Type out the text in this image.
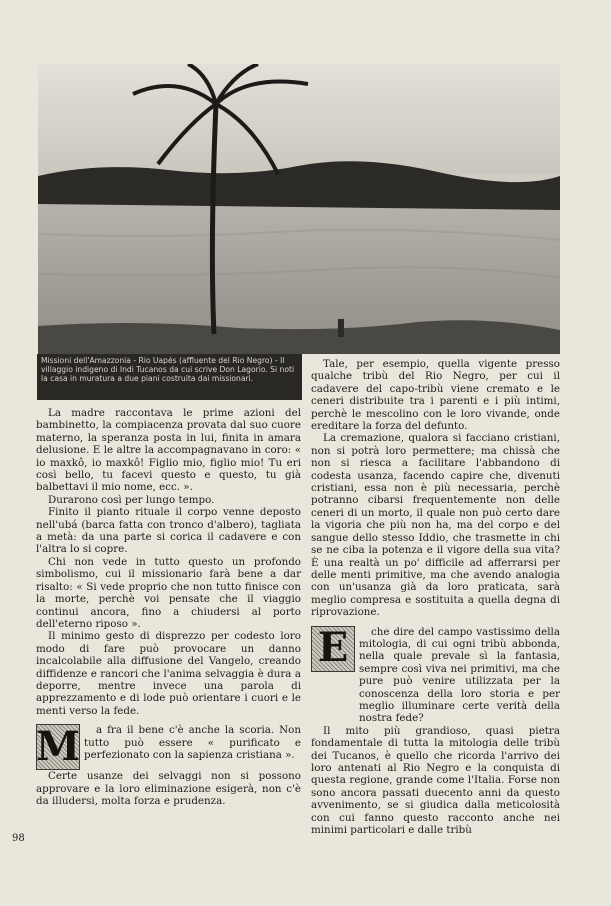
Missioni dell'Amazzonia - Rio Uapés (affluente del Rio Negro) - Il villaggio indigeno di Indi Tucanos da cui scrive Don Lagorio. Si noti la casa in muratura a due piani costruita dai missionari.

La madre raccontava le prime azioni del bambinetto, la compiacenza provata dal suo cuore materno, la speranza posta in lui, finita in amara delusione. E le altre la accompagnavano in coro: « io maxkô, io maxkô! Figlio mio, figlio mio! Tu eri così bello, tu facevi questo e questo, tu già balbettavi il mio nome, ecc. ».

Durarono così per lungo tempo.

Finito il pianto rituale il corpo venne deposto nell'ubá (barca fatta con tronco d'albero), tagliata a metà: da una parte si corica il cadavere e con l'altra lo si copre.

Chi non vede in tutto questo un profondo simbolismo, cui il missionario farà bene a dar risalto: « Si vede proprio che non tutto finisce con la morte, perchè voi pensate che il viaggio continui ancora, fino a chiudersi al porto dell'eterno riposo ».

Il minimo gesto di disprezzo per codesto loro modo di fare può provocare un danno incalcolabile alla diffusione del Vangelo, creando diffidenze e rancori che l'anima selvaggia è dura a deporre, mentre invece una parola di apprezzamento e di lode può orientare i cuori e le menti verso la fede.

M	a fra il bene c'è anche la scoria. Non tutto può essere « purificato e perfezionato con la sapienza cristiana ».

Certe usanze dei selvaggi non si possono approvare e la loro eliminazione esigerà, non c'è da illudersi, molta forza e prudenza.

Tale, per esempio, quella vigente presso qualche tribù del Rio Negro, per cui il cadavere del capo-tribù viene cremato e le ceneri distribuite tra i parenti e i più intimi, perchè le mescolino con le loro vivande, onde ereditare la forza del defunto.

La cremazione, qualora si facciano cristiani, non si potrà loro permettere; ma chissà che non si riesca a facilitare l'abbandono di codesta usanza, facendo capire che, divenuti cristiani, essa non è più necessaria, perchè potranno cibarsi frequentemente non delle ceneri di un morto, il quale non può certo dare la vigoria che più non ha, ma del corpo e del sangue dello stesso Iddio, che trasmette in chi se ne ciba la potenza e il vigore della sua vita? È una realtà un po' difficile ad afferrarsi per delle menti primitive, ma che avendo analogia con un'usanza già da loro praticata, sarà meglio compresa e sostituita a quella degna di riprovazione.

E	che dire del campo vastissimo della mitologia, di cui ogni tribù abbonda, nella quale prevale sì la fantasia, sempre così viva nei primitivi, ma che pure può venire utilizzata per la conoscenza della loro storia e per meglio illuminare certe verità della nostra fede?

Il mito più grandioso, quasi pietra fondamentale di tutta la mitologia delle tribù dei Tucanos, è quello che ricorda l'arrivo dei loro antenati al Rio Negro e la conquista di questa regione, grande come l'Italia. Forse non sono ancora passati duecento anni da questo avvenimento, se si giudica dalla meticolosità con cui fanno questo racconto anche nei minimi particolari e dalle tribù

98
